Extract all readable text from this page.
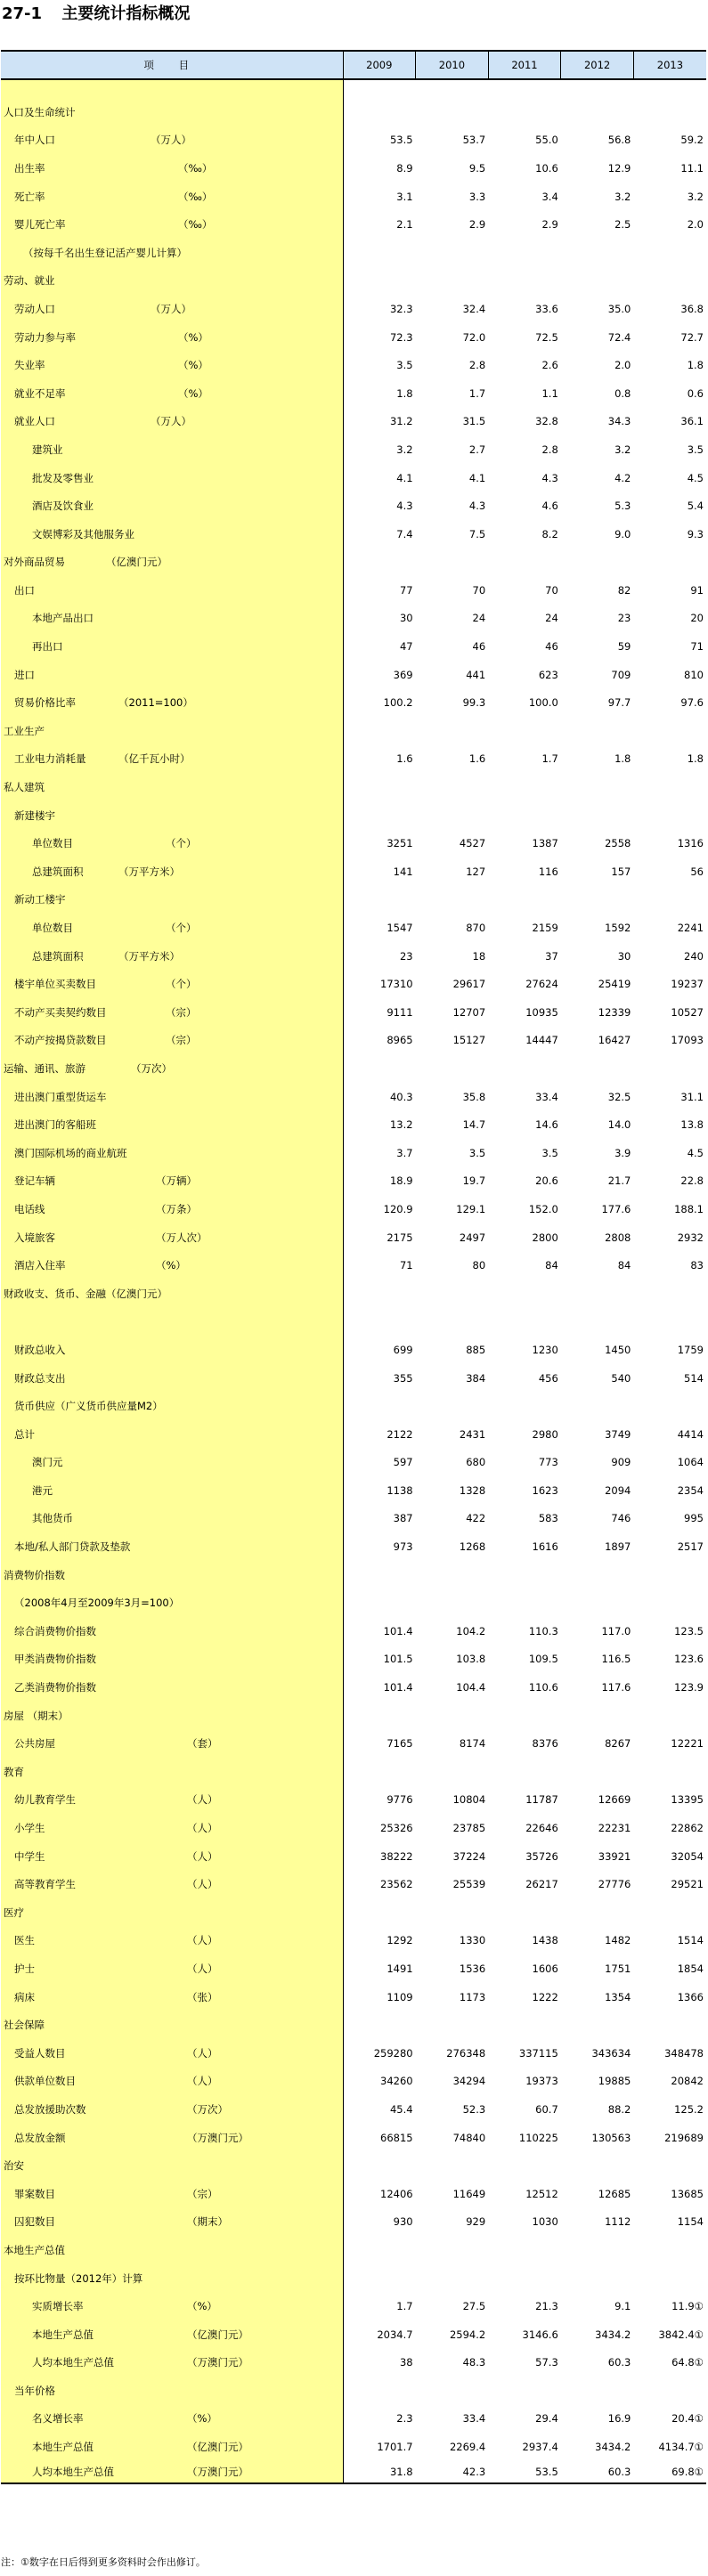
27-1 主要统计指标概况
项 目	2009	2010	2011	2012	2013

人口及生命统计					

年中人口 （万人）	53.5	53.7	55.0	56.8	59.2

出生率 （‰）	8.9	9.5	10.6	12.9	11.1

死亡率 （‰）	3.1	3.3	3.4	3.2	3.2

婴儿死亡率 （‰）	2.1	2.9	2.9	2.5	2.0

（按每千名出生登记活产婴儿计算）					

劳动、就业					

劳动人口 （万人）	32.3	32.4	33.6	35.0	36.8

劳动力参与率 （%）	72.3	72.0	72.5	72.4	72.7

失业率 （%）	3.5	2.8	2.6	2.0	1.8

就业不足率 （%）	1.8	1.7	1.1	0.8	0.6

就业人口 （万人）	31.2	31.5	32.8	34.3	36.1

建筑业	3.2	2.7	2.8	3.2	3.5

批发及零售业	4.1	4.1	4.3	4.2	4.5

酒店及饮食业	4.3	4.3	4.6	5.3	5.4

文娱博彩及其他服务业	7.4	7.5	8.2	9.0	9.3

对外商品贸易 （亿澳门元）					

出口	77	70	70	82	91

本地产品出口	30	24	24	23	20

再出口	47	46	46	59	71

进口	369	441	623	709	810

贸易价格比率 （2011=100）	100.2	99.3	100.0	97.7	97.6

工业生产					

工业电力消耗量 （亿千瓦小时）	1.6	1.6	1.7	1.8	1.8

私人建筑					

新建楼宇					

单位数目 （个）	3251	4527	1387	2558	1316

总建筑面积 （万平方米）	141	127	116	157	56

新动工楼宇					

单位数目 （个）	1547	870	2159	1592	2241

总建筑面积 （万平方米）	23	18	37	30	240

楼宇单位买卖数目 （个）	17310	29617	27624	25419	19237

不动产买卖契约数目 （宗）	9111	12707	10935	12339	10527

不动产按揭贷款数目 （宗）	8965	15127	14447	16427	17093

运输、通讯、旅游 （万次）					

进出澳门重型货运车	40.3	35.8	33.4	32.5	31.1

进出澳门的客船班	13.2	14.7	14.6	14.0	13.8

澳门国际机场的商业航班	3.7	3.5	3.5	3.9	4.5

登记车辆 （万辆）	18.9	19.7	20.6	21.7	22.8

电话线 （万条）	120.9	129.1	152.0	177.6	188.1

入境旅客 （万人次）	2175	2497	2800	2808	2932

酒店入住率 （%）	71	80	84	84	83

财政收支、货币、金融（亿澳门元）					

财政总收入	699	885	1230	1450	1759

财政总支出	355	384	456	540	514

货币供应（广义货币供应量M2）					

总计	2122	2431	2980	3749	4414

澳门元	597	680	773	909	1064

港元	1138	1328	1623	2094	2354

其他货币	387	422	583	746	995

本地/私人部门贷款及垫款	973	1268	1616	1897	2517

消费物价指数					

（2008年4月至2009年3月=100）					

综合消费物价指数	101.4	104.2	110.3	117.0	123.5

甲类消费物价指数	101.5	103.8	109.5	116.5	123.6

乙类消费物价指数	101.4	104.4	110.6	117.6	123.9

房屋 （期末）					

公共房屋 （套）	7165	8174	8376	8267	12221

教育					

幼儿教育学生 （人）	9776	10804	11787	12669	13395

小学生 （人）	25326	23785	22646	22231	22862

中学生 （人）	38222	37224	35726	33921	32054

高等教育学生 （人）	23562	25539	26217	27776	29521

医疗					

医生 （人）	1292	1330	1438	1482	1514

护士 （人）	1491	1536	1606	1751	1854

病床 （张）	1109	1173	1222	1354	1366

社会保障					

受益人数目 （人）	259280	276348	337115	343634	348478

供款单位数目 （人）	34260	34294	19373	19885	20842

总发放援助次数 （万次）	45.4	52.3	60.7	88.2	125.2

总发放金额 （万澳门元）	66815	74840	110225	130563	219689

治安					

罪案数目 （宗）	12406	11649	12512	12685	13685

囚犯数目 （期末）	930	929	1030	1112	1154

本地生产总值					

按环比物量（2012年）计算					

实质增长率 （%）	1.7	27.5	21.3	9.1	11.9①

本地生产总值 （亿澳门元）	2034.7	2594.2	3146.6	3434.2	3842.4①

人均本地生产总值 （万澳门元）	38	48.3	57.3	60.3	64.8①

当年价格					

名义增长率 （%）	2.3	33.4	29.4	16.9	20.4①

本地生产总值 （亿澳门元）	1701.7	2269.4	2937.4	3434.2	4134.7①

人均本地生产总值 （万澳门元）	31.8	42.3	53.5	60.3	69.8①
注：①数字在日后得到更多资料时会作出修订。
